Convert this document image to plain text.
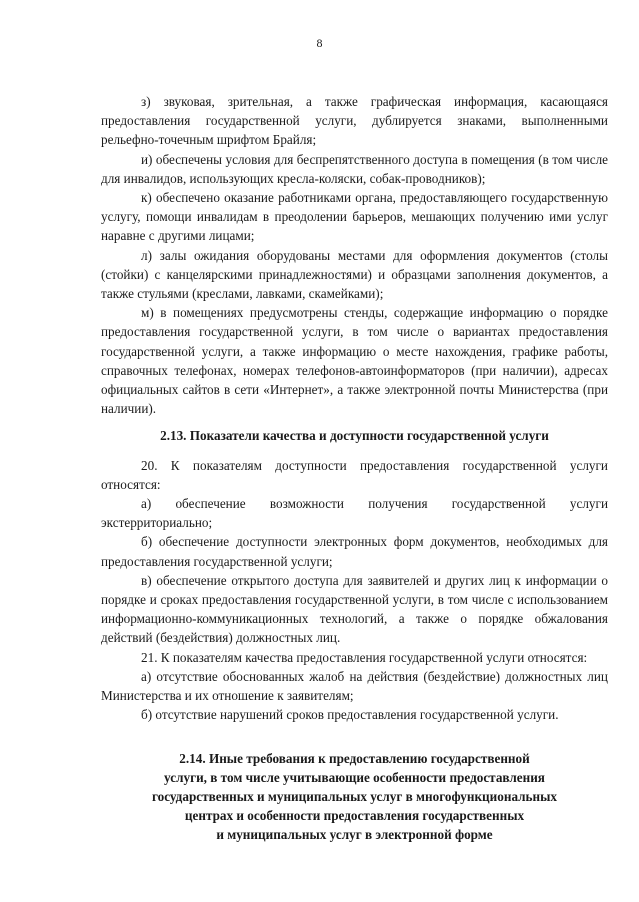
8

з) звуковая, зрительная, а также графическая информация, касающаяся предоставления государственной услуги, дублируется знаками, выполненными рельефно-точечным шрифтом Брайля;

и) обеспечены условия для беспрепятственного доступа в помещения (в том числе для инвалидов, использующих кресла-коляски, собак-проводников);

к) обеспечено оказание работниками органа, предоставляющего государственную услугу, помощи инвалидам в преодолении барьеров, мешающих получению ими услуг наравне с другими лицами;

л) залы ожидания оборудованы местами для оформления документов (столы (стойки) с канцелярскими принадлежностями) и образцами заполнения документов, а также стульями (креслами, лавками, скамейками);

м) в помещениях предусмотрены стенды, содержащие информацию о порядке предоставления государственной услуги, в том числе о вариантах предоставления государственной услуги, а также информацию о месте нахождения, графике работы, справочных телефонах, номерах телефонов-автоинформаторов (при наличии), адресах официальных сайтов в сети «Интернет», а также электронной почты Министерства (при наличии).

2.13. Показатели качества и доступности государственной услуги

20. К показателям доступности предоставления государственной услуги относятся:

а) обеспечение возможности получения государственной услуги экстерриториально;

б) обеспечение доступности электронных форм документов, необходимых для предоставления государственной услуги;

в) обеспечение открытого доступа для заявителей и других лиц к информации о порядке и сроках предоставления государственной услуги, в том числе с использованием информационно-коммуникационных технологий, а также о порядке обжалования действий (бездействия) должностных лиц.

21. К показателям качества предоставления государственной услуги относятся:

а) отсутствие обоснованных жалоб на действия (бездействие) должностных лиц Министерства и их отношение к заявителям;

б) отсутствие нарушений сроков предоставления государственной услуги.

2.14. Иные требования к предоставлению государственной
услуги, в том числе учитывающие особенности предоставления
государственных и муниципальных услуг в многофункциональных
центрах и особенности предоставления государственных
и муниципальных услуг в электронной форме
